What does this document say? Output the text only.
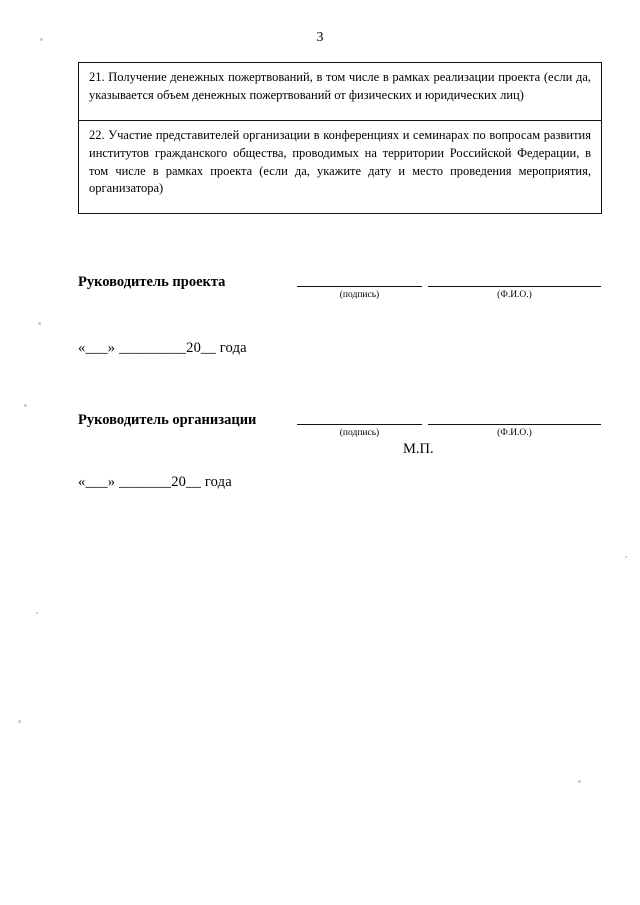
3

21. Получение денежных пожертвований, в том числе в рамках реализации проекта (если да, указывается объем денежных пожертвований от физических и юридических лиц)

22. Участие представителей организации в конференциях и семинарах по вопросам развития институтов гражданского общества, проводимых на территории Российской Федерации, в том числе в рамках проекта (если да, укажите дату и место проведения мероприятия, организатора)

Руководитель проекта
(подпись)	(Ф.И.О.)
«___» _________20__ года
Руководитель организации
(подпись)	(Ф.И.О.)
М.П.
«___» _______20__ года
